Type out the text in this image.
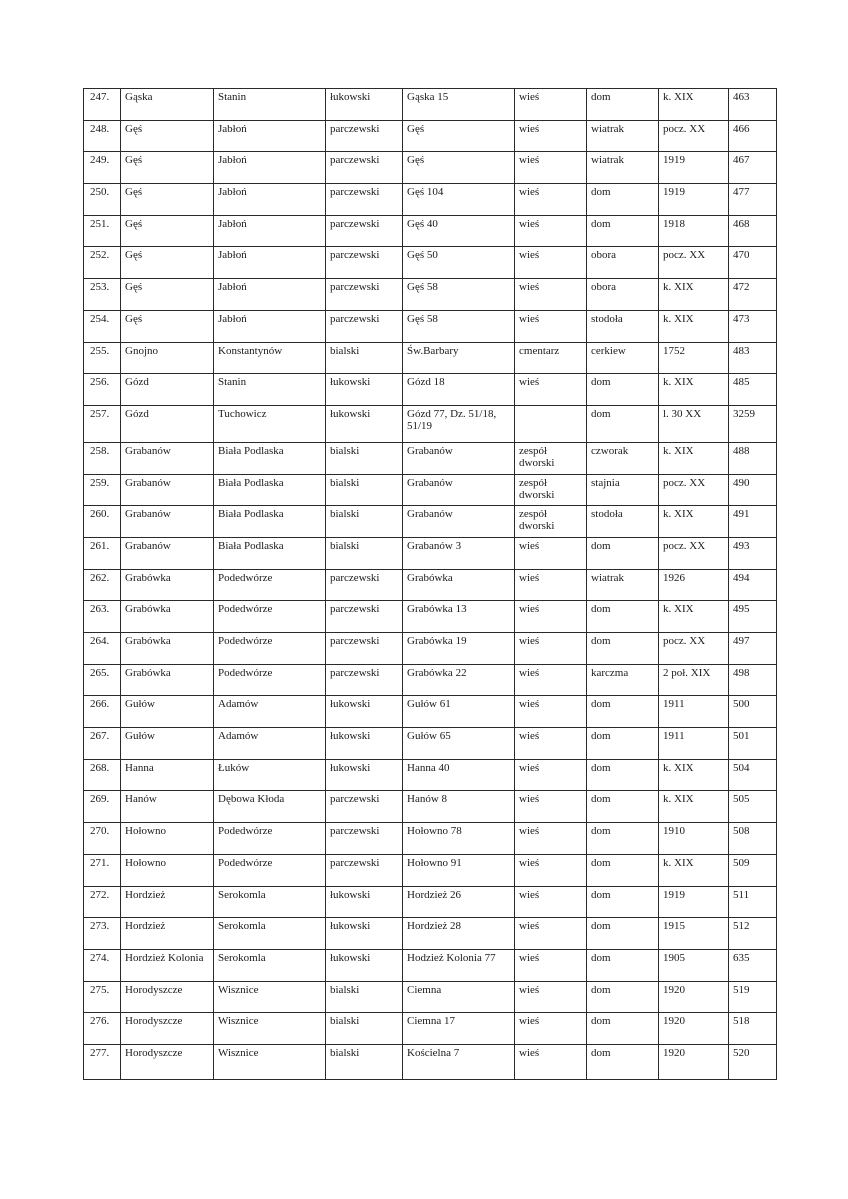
247.	Gąska	Stanin	łukowski	Gąska 15	wieś	dom	k. XIX	463
248.	Gęś	Jabłoń	parczewski	Gęś	wieś	wiatrak	pocz. XX	466
249.	Gęś	Jabłoń	parczewski	Gęś	wieś	wiatrak	1919	467
250.	Gęś	Jabłoń	parczewski	Gęś 104	wieś	dom	1919	477
251.	Gęś	Jabłoń	parczewski	Gęś 40	wieś	dom	1918	468
252.	Gęś	Jabłoń	parczewski	Gęś 50	wieś	obora	pocz. XX	470
253.	Gęś	Jabłoń	parczewski	Gęś 58	wieś	obora	k. XIX	472
254.	Gęś	Jabłoń	parczewski	Gęś 58	wieś	stodoła	k. XIX	473
255.	Gnojno	Konstantynów	bialski	Św.Barbary	cmentarz	cerkiew	1752	483
256.	Gózd	Stanin	łukowski	Gózd 18	wieś	dom	k. XIX	485
257.	Gózd	Tuchowicz	łukowski	Gózd 77, Dz. 51/18, 51/19		dom	l. 30 XX	3259
258.	Grabanów	Biała Podlaska	bialski	Grabanów	zespół dworski	czworak	k. XIX	488
259.	Grabanów	Biała Podlaska	bialski	Grabanów	zespół dworski	stajnia	pocz. XX	490
260.	Grabanów	Biała Podlaska	bialski	Grabanów	zespół dworski	stodoła	k. XIX	491
261.	Grabanów	Biała Podlaska	bialski	Grabanów 3	wieś	dom	pocz. XX	493
262.	Grabówka	Podedwórze	parczewski	Grabówka	wieś	wiatrak	1926	494
263.	Grabówka	Podedwórze	parczewski	Grabówka 13	wieś	dom	k. XIX	495
264.	Grabówka	Podedwórze	parczewski	Grabówka 19	wieś	dom	pocz. XX	497
265.	Grabówka	Podedwórze	parczewski	Grabówka 22	wieś	karczma	2 poł. XIX	498
266.	Gułów	Adamów	łukowski	Gułów 61	wieś	dom	1911	500
267.	Gułów	Adamów	łukowski	Gułów 65	wieś	dom	1911	501
268.	Hanna	Łuków	łukowski	Hanna 40	wieś	dom	k. XIX	504
269.	Hanów	Dębowa Kłoda	parczewski	Hanów 8	wieś	dom	k. XIX	505
270.	Hołowno	Podedwórze	parczewski	Hołowno 78	wieś	dom	1910	508
271.	Hołowno	Podedwórze	parczewski	Hołowno 91	wieś	dom	k. XIX	509
272.	Hordzież	Serokomla	łukowski	Hordzież 26	wieś	dom	1919	511
273.	Hordzież	Serokomla	łukowski	Hordzież 28	wieś	dom	1915	512
274.	Hordzież Kolonia	Serokomla	łukowski	Hodzież Kolonia 77	wieś	dom	1905	635
275.	Horodyszcze	Wisznice	bialski	Ciemna	wieś	dom	1920	519
276.	Horodyszcze	Wisznice	bialski	Ciemna 17	wieś	dom	1920	518
277.	Horodyszcze	Wisznice	bialski	Kościelna 7	wieś	dom	1920	520
